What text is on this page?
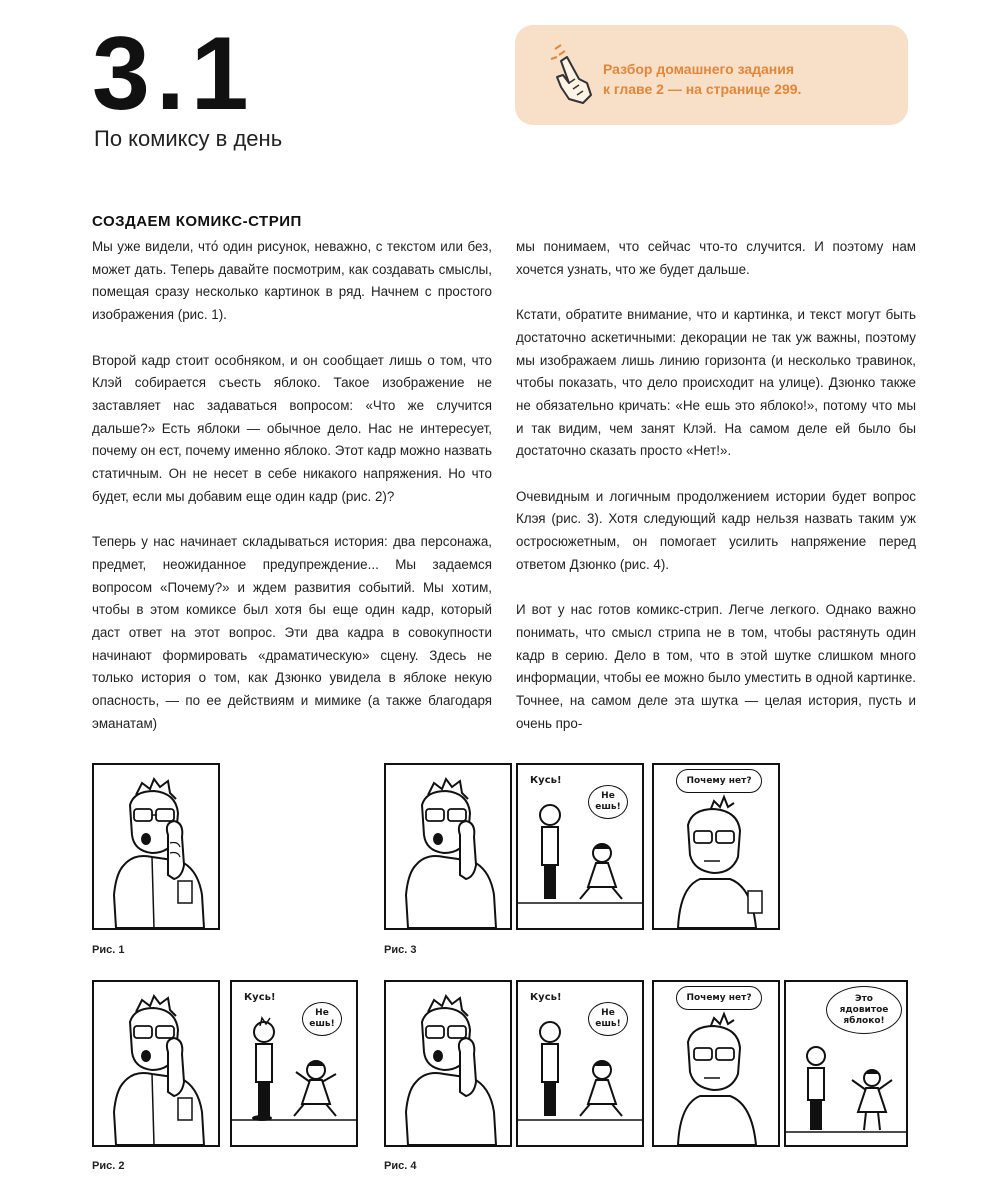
3.1
По комиксу в день
Разбор домашнего задания
к главе 2 — на странице 299.
СОЗДАЕМ КОМИКС-СТРИП

Мы уже видели, что́ один рисунок, неважно, с текстом или без, может дать. Теперь давайте посмотрим, как создавать смыслы, помещая сразу несколько картинок в ряд. Начнем с простого изображения (рис. 1).

Второй кадр стоит особняком, и он сообщает лишь о том, что Клэй собирается съесть яблоко. Такое изображение не заставляет нас задаваться вопросом: «Что же случится дальше?» Есть яблоки — обычное дело. Нас не интересует, почему он ест, почему именно яблоко. Этот кадр можно назвать статичным. Он не несет в себе никакого напряжения. Но что будет, если мы добавим еще один кадр (рис. 2)?

Теперь у нас начинает складываться история: два персонажа, предмет, неожиданное предупреждение... Мы задаемся вопросом «Почему?» и ждем развития событий. Мы хотим, чтобы в этом комиксе был хотя бы еще один кадр, который даст ответ на этот вопрос. Эти два кадра в совокупности начинают формировать «драматическую» сцену. Здесь не только история о том, как Дзюнко увидела в яблоке некую опасность, — по ее действиям и мимике (а также благодаря эманатам)

мы понимаем, что сейчас что-то случится. И поэтому нам хочется узнать, что же будет дальше.

Кстати, обратите внимание, что и картинка, и текст могут быть достаточно аскетичными: декорации не так уж важны, поэтому мы изображаем лишь линию горизонта (и несколько травинок, чтобы показать, что дело происходит на улице). Дзюнко также не обязательно кричать: «Не ешь это яблоко!», потому что мы и так видим, чем занят Клэй. На самом деле ей было бы достаточно сказать просто «Нет!».

Очевидным и логичным продолжением истории будет вопрос Клэя (рис. 3). Хотя следующий кадр нельзя назвать таким уж остросюжетным, он помогает усилить напряжение перед ответом Дзюнко (рис. 4).

И вот у нас готов комикс-стрип. Легче легкого. Однако важно понимать, что смысл стрипа не в том, чтобы растянуть один кадр в серию. Дело в том, что в этой шутке слишком много информации, чтобы ее можно было уместить в одной картинке. Точнее, на самом деле эта шутка — целая история, пусть и очень про-

Рис. 1
Кусь!
Не ешь!
Рис. 2
Кусь!
Не ешь!
Почему нет?
Рис. 3
Кусь!
Не ешь!
Почему нет?	Это ядовитое яблоко!
Рис. 4
